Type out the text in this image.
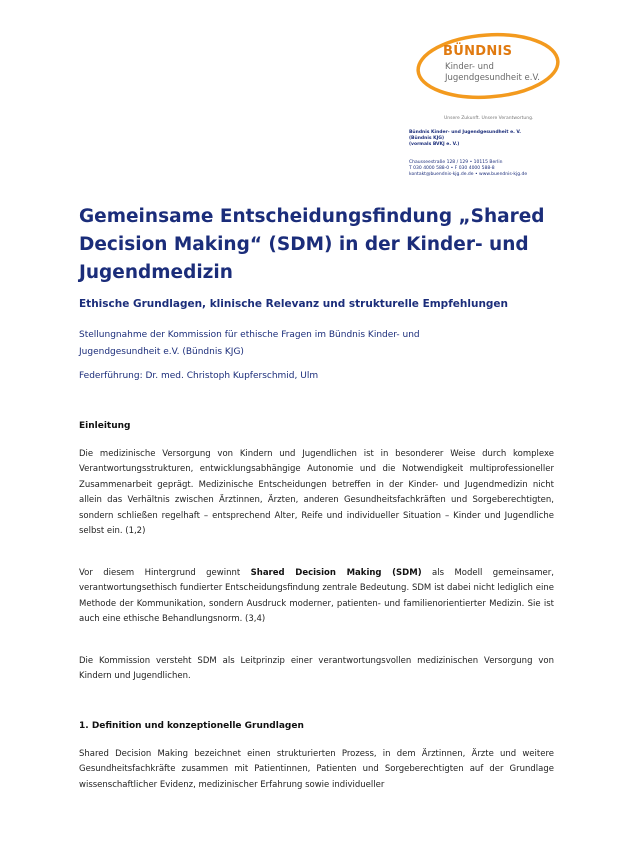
BÜNDNIS
Kinder- und
Jugendgesundheit e.V.
Unsere Zukunft. Unsere Verantwortung.
Bündnis Kinder- und Jugendgesundheit e. V.
(Bündnis KJG)
(vormals BVKJ e. V.)
Chausseestraße 128 / 129 • 10115 Berlin
T 030 4000 588-0 • F 030 4000 588-8
kontakt@buendnis-kjg.de.de • www.buendnis-kjg.de
Gemeinsame Entscheidungsfindung „Shared Decision Making“ (SDM) in der Kinder- und Jugendmedizin
Ethische Grundlagen, klinische Relevanz und strukturelle Empfehlungen
Stellungnahme der Kommission für ethische Fragen im Bündnis Kinder- und Jugendgesundheit e.V. (Bündnis KJG)
Federführung: Dr. med. Christoph Kupferschmid, Ulm
Einleitung
Die medizinische Versorgung von Kindern und Jugendlichen ist in besonderer Weise durch komplexe Verantwortungsstrukturen, entwicklungsabhängige Autonomie und die Notwendigkeit multiprofessioneller Zusammenarbeit geprägt. Medizinische Entscheidungen betreffen in der Kinder- und Jugendmedizin nicht allein das Verhältnis zwischen Ärztinnen, Ärzten, anderen Gesundheitsfachkräften und Sorgeberechtigten, sondern schließen regelhaft – entsprechend Alter, Reife und individueller Situation – Kinder und Jugendliche selbst ein. (1,2)
Vor diesem Hintergrund gewinnt Shared Decision Making (SDM) als Modell gemeinsamer, verantwortungsethisch fundierter Entscheidungsfindung zentrale Bedeutung. SDM ist dabei nicht lediglich eine Methode der Kommunikation, sondern Ausdruck moderner, patienten- und familienorientierter Medizin. Sie ist auch eine ethische Behandlungsnorm. (3,4)
Die Kommission versteht SDM als Leitprinzip einer verantwortungsvollen medizinischen Versorgung von Kindern und Jugendlichen.
1. Definition und konzeptionelle Grundlagen
Shared Decision Making bezeichnet einen strukturierten Prozess, in dem Ärztinnen, Ärzte und weitere Gesundheitsfachkräfte zusammen mit Patientinnen, Patienten und Sorgeberechtigten auf der Grundlage wissenschaftlicher Evidenz, medizinischer Erfahrung sowie individueller
